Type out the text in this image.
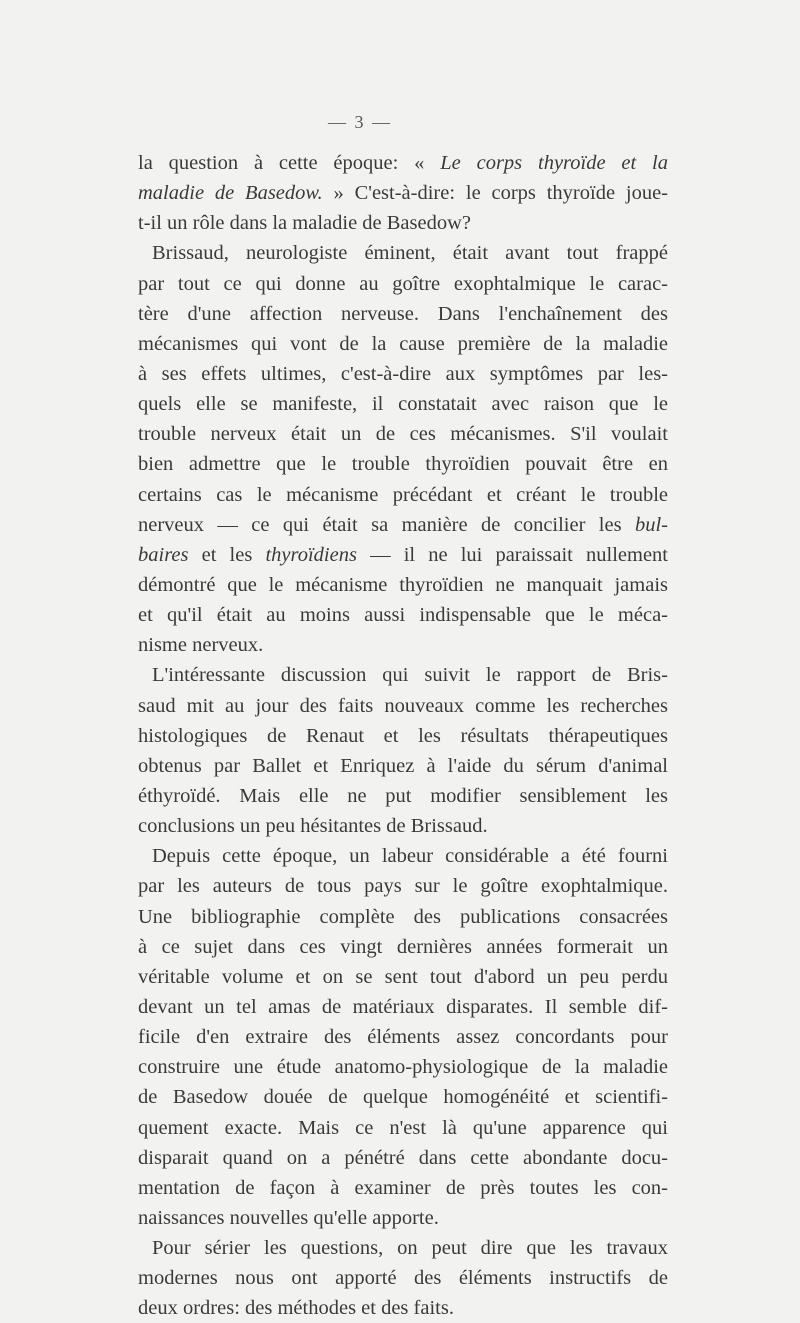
— 3 —
la question à cette époque: « Le corps thyroïde et la
maladie de Basedow. » C'est-à-dire: le corps thyroïde joue-
t-il un rôle dans la maladie de Basedow?
Brissaud, neurologiste éminent, était avant tout frappé
par tout ce qui donne au goître exophtalmique le carac-
tère d'une affection nerveuse. Dans l'enchaînement des
mécanismes qui vont de la cause première de la maladie
à ses effets ultimes, c'est-à-dire aux symptômes par les-
quels elle se manifeste, il constatait avec raison que le
trouble nerveux était un de ces mécanismes. S'il voulait
bien admettre que le trouble thyroïdien pouvait être en
certains cas le mécanisme précédant et créant le trouble
nerveux — ce qui était sa manière de concilier les bul-
baires et les thyroïdiens — il ne lui paraissait nullement
démontré que le mécanisme thyroïdien ne manquait jamais
et qu'il était au moins aussi indispensable que le méca-
nisme nerveux.
L'intéressante discussion qui suivit le rapport de Bris-
saud mit au jour des faits nouveaux comme les recherches
histologiques de Renaut et les résultats thérapeutiques
obtenus par Ballet et Enriquez à l'aide du sérum d'animal
éthyroïdé. Mais elle ne put modifier sensiblement les
conclusions un peu hésitantes de Brissaud.
Depuis cette époque, un labeur considérable a été fourni
par les auteurs de tous pays sur le goître exophtalmique.
Une bibliographie complète des publications consacrées
à ce sujet dans ces vingt dernières années formerait un
véritable volume et on se sent tout d'abord un peu perdu
devant un tel amas de matériaux disparates. Il semble dif-
ficile d'en extraire des éléments assez concordants pour
construire une étude anatomo-physiologique de la maladie
de Basedow douée de quelque homogénéité et scientifi-
quement exacte. Mais ce n'est là qu'une apparence qui
disparait quand on a pénétré dans cette abondante docu-
mentation de façon à examiner de près toutes les con-
naissances nouvelles qu'elle apporte.
Pour sérier les questions, on peut dire que les travaux
modernes nous ont apporté des éléments instructifs de
deux ordres: des méthodes et des faits.
